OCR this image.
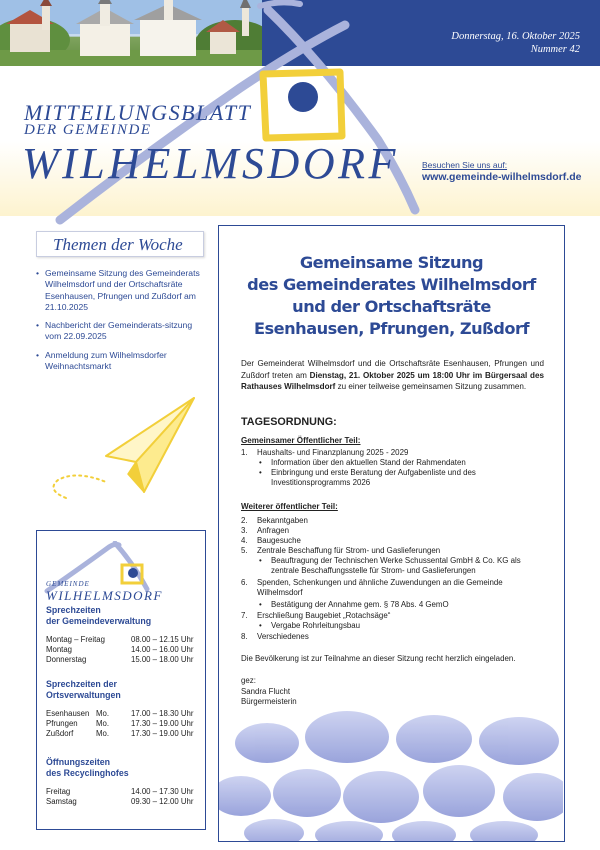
Donnerstag, 16. Oktober 2025
Nummer 42
MITTEILUNGSBLATT
DER GEMEINDE
WILHELMSDORF	Besuchen Sie uns auf:
www.gemeinde-wilhelmsdorf.de
Themen der Woche
• Gemeinsame Sitzung des Gemeinderats Wilhelmsdorf und der Ortschaftsräte Esenhausen, Pfrungen und Zußdorf am 21.10.2025
• Nachbericht der Gemeinderats-sitzung vom 22.09.2025
• Anmeldung zum Wilhelmsdorfer Weihnachtsmarkt
GEMEINDE
WILHELMSDORF
Sprechzeiten
der Gemeindeverwaltung
Montag – Freitag	08.00 – 12.15 Uhr
Montag	14.00 – 16.00 Uhr
Donnerstag	15.00 – 18.00 Uhr
Sprechzeiten der
Ortsverwaltungen
Esenhausen Mo.	17.00 – 18.30 Uhr
Pfrungen Mo.	17.30 – 19.00 Uhr
Zußdorf	Mo.	17.30 – 19.00 Uhr
Öffnungszeiten
des Recyclinghofes
Freitag	14.00 – 17.30 Uhr
Samstag	09.30 – 12.00 Uhr
Gemeinsame Sitzung
des Gemeinderates Wilhelmsdorf
und der Ortschaftsräte
Esenhausen, Pfrungen, Zußdorf

Der Gemeinderat Wilhelmsdorf und die Ortschaftsräte Esenhausen, Pfrungen und Zußdorf treten am Dienstag, 21. Oktober 2025 um 18:00 Uhr im Bürgersaal des Rathauses Wilhelmsdorf zu einer teilweise gemeinsamen Sitzung zusammen.

TAGESORDNUNG:
Gemeinsamer Öffentlicher Teil:
1. Haushalts- und Finanzplanung 2025 - 2029
• Information über den aktuellen Stand der Rahmendaten
• Einbringung und erste Beratung der Aufgabenliste und des Investitionsprogramms 2026
Weiterer öffentlicher Teil:
2. Bekanntgaben
3. Anfragen
4. Baugesuche
5. Zentrale Beschaffung für Strom- und Gaslieferungen
• Beauftragung der Technischen Werke Schussental GmbH & Co. KG als zentrale Beschaffungsstelle für Strom- und Gaslieferungen
6. Spenden, Schenkungen und ähnliche Zuwendungen an die Gemeinde Wilhelmsdorf
• Bestätigung der Annahme gem. § 78 Abs. 4 GemO
7. Erschließung Baugebiet „Rotachsäge“
• Vergabe Rohrleitungsbau
8. Verschiedenes
Die Bevölkerung ist zur Teilnahme an dieser Sitzung recht herzlich eingeladen.
gez:
Sandra Flucht
Bürgermeisterin
